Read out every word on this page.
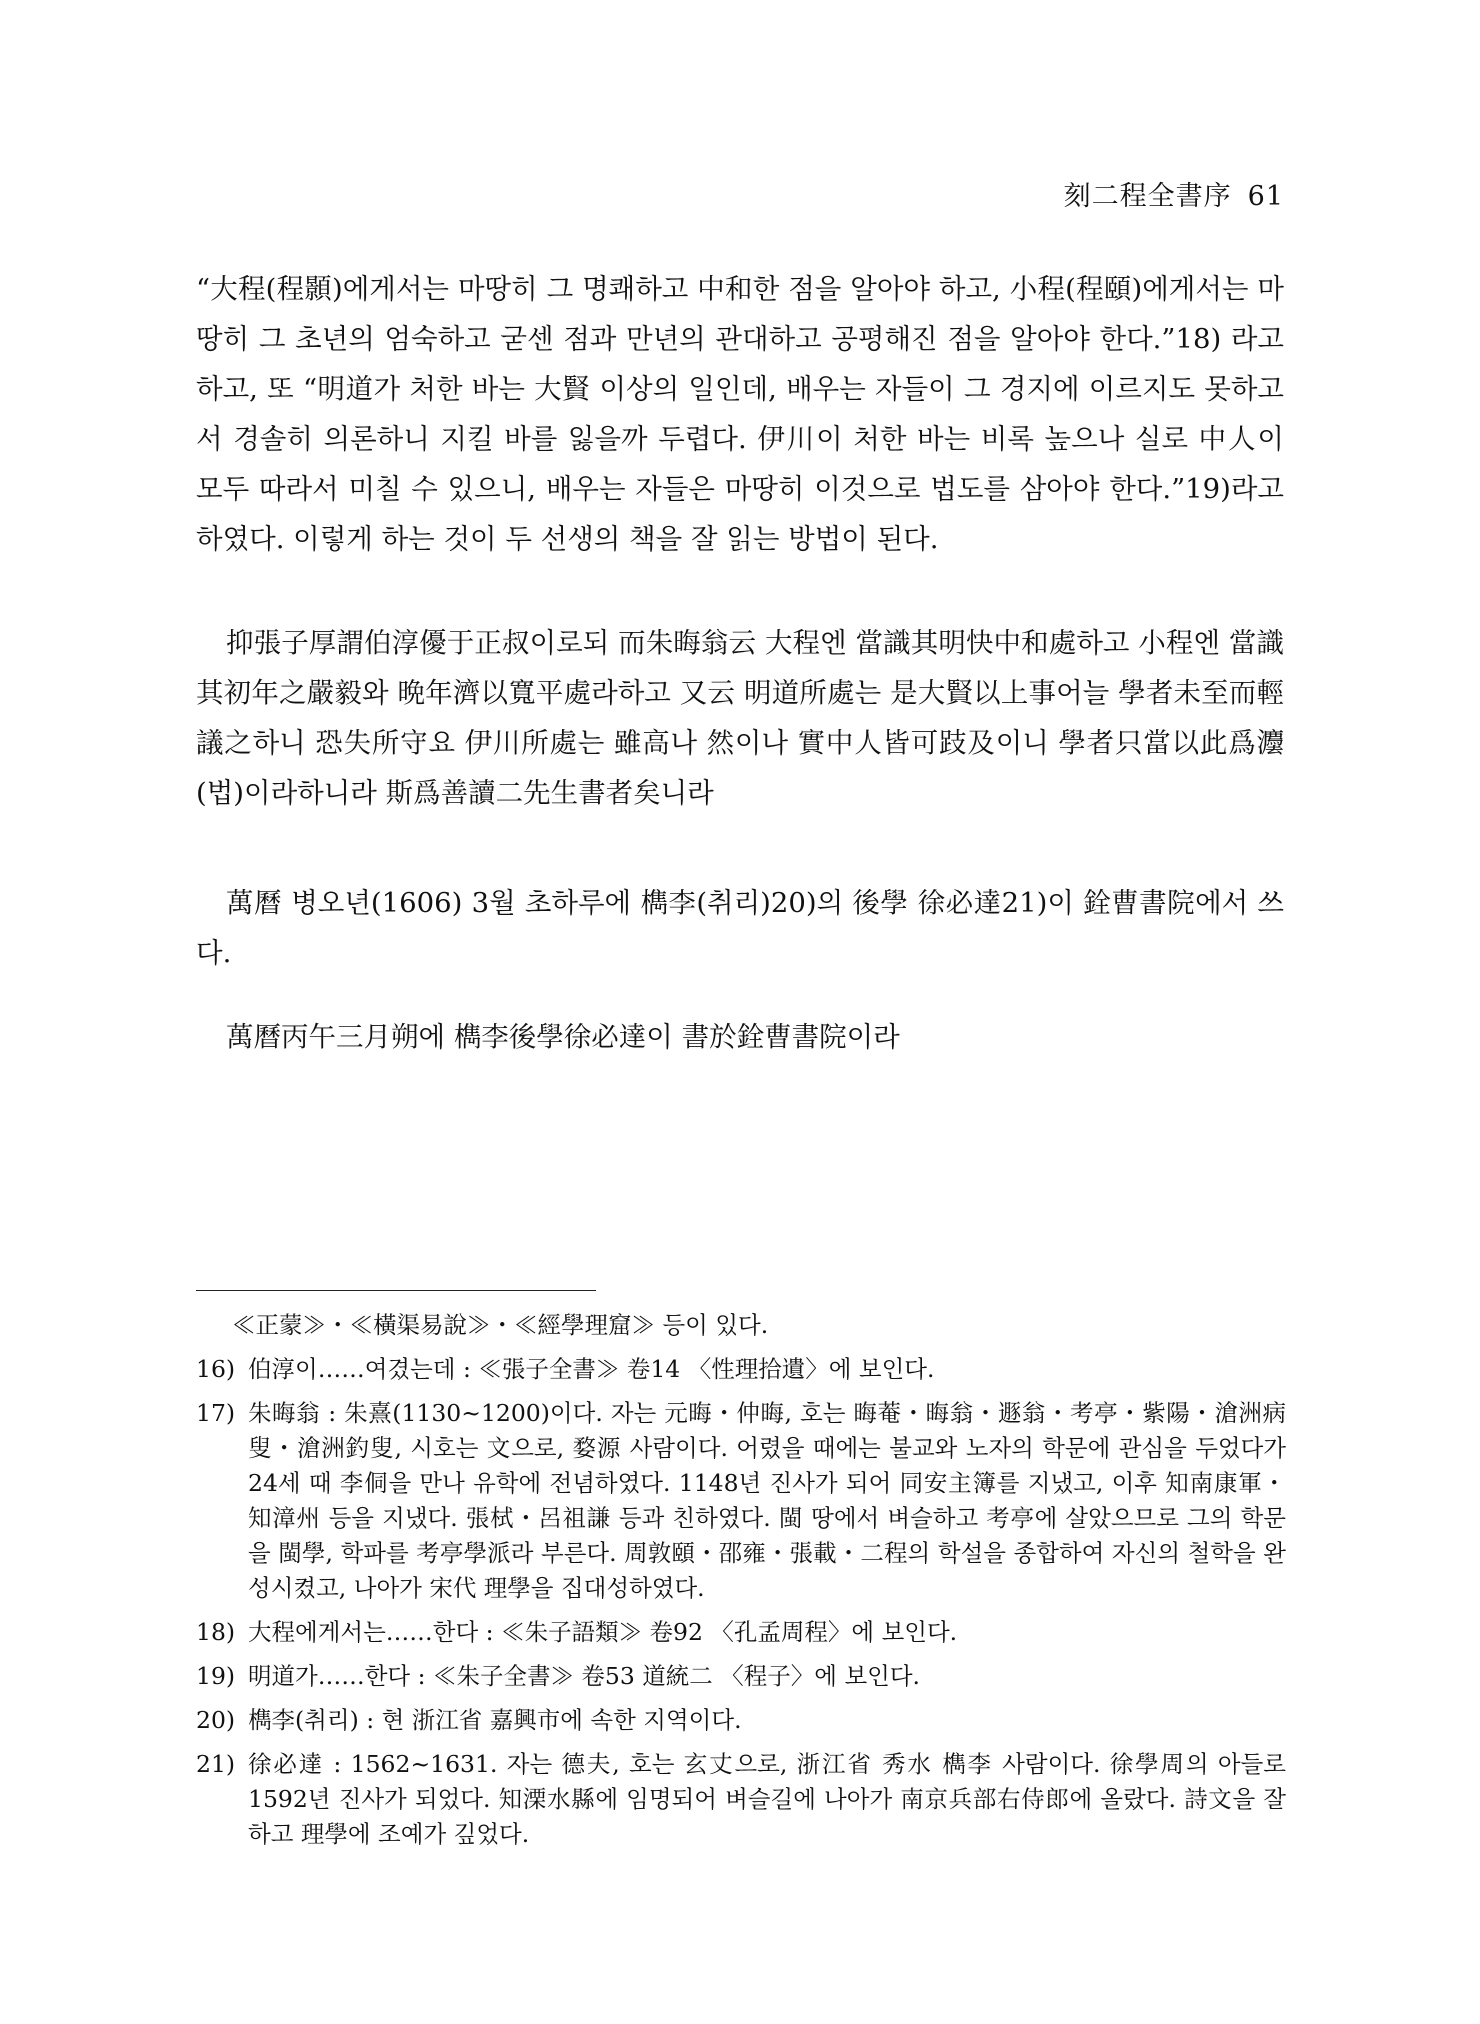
刻二程全書序 61

“大程(程顥)에게서는 마땅히 그 명쾌하고 中和한 점을 알아야 하고, 小程(程頤)에게서는 마땅히 그 초년의 엄숙하고 굳센 점과 만년의 관대하고 공평해진 점을 알아야 한다.”18) 라고 하고, 또 “明道가 처한 바는 大賢 이상의 일인데, 배우는 자들이 그 경지에 이르지도 못하고서 경솔히 의론하니 지킬 바를 잃을까 두렵다. 伊川이 처한 바는 비록 높으나 실로 中人이 모두 따라서 미칠 수 있으니, 배우는 자들은 마땅히 이것으로 법도를 삼아야 한다.”19)라고 하였다. 이렇게 하는 것이 두 선생의 책을 잘 읽는 방법이 된다.

抑張子厚謂伯淳優于正叔이로되 而朱晦翁云 大程엔 當識其明快中和處하고 小程엔 當識其初年之嚴毅와 晩年濟以寬平處라하고 又云 明道所處는 是大賢以上事어늘 學者未至而輕議之하니 恐失所守요 伊川所處는 雖高나 然이나 實中人皆可跂及이니 學者只當以此爲灋(법)이라하니라 斯爲善讀二先生書者矣니라

萬曆 병오년(1606) 3월 초하루에 檇李(취리)20)의 後學 徐必達21)이 銓曹書院에서 쓰다.

萬曆丙午三月朔에 檇李後學徐必達이 書於銓曹書院이라

≪正蒙≫・≪橫渠易說≫・≪經學理窟≫ 등이 있다.
16) 伯淳이……여겼는데 : ≪張子全書≫ 卷14 〈性理拾遺〉에 보인다.
17) 朱晦翁 : 朱熹(1130~1200)이다. 자는 元晦・仲晦, 호는 晦菴・晦翁・遯翁・考亭・紫陽・滄洲病叟・滄洲釣叟, 시호는 文으로, 婺源 사람이다. 어렸을 때에는 불교와 노자의 학문에 관심을 두었다가 24세 때 李侗을 만나 유학에 전념하였다. 1148년 진사가 되어 同安主簿를 지냈고, 이후 知南康軍・知漳州 등을 지냈다. 張栻・呂祖謙 등과 친하였다. 閩 땅에서 벼슬하고 考亭에 살았으므로 그의 학문을 閩學, 학파를 考亭學派라 부른다. 周敦頤・邵雍・張載・二程의 학설을 종합하여 자신의 철학을 완성시켰고, 나아가 宋代 理學을 집대성하였다.
18) 大程에게서는……한다 : ≪朱子語類≫ 卷92 〈孔孟周程〉에 보인다.
19) 明道가……한다 : ≪朱子全書≫ 卷53 道統二 〈程子〉에 보인다.
20) 檇李(취리) : 현 浙江省 嘉興市에 속한 지역이다.
21) 徐必達 : 1562~1631. 자는 德夫, 호는 玄丈으로, 浙江省 秀水 檇李 사람이다. 徐學周의 아들로 1592년 진사가 되었다. 知溧水縣에 임명되어 벼슬길에 나아가 南京兵部右侍郎에 올랐다. 詩文을 잘하고 理學에 조예가 깊었다.
